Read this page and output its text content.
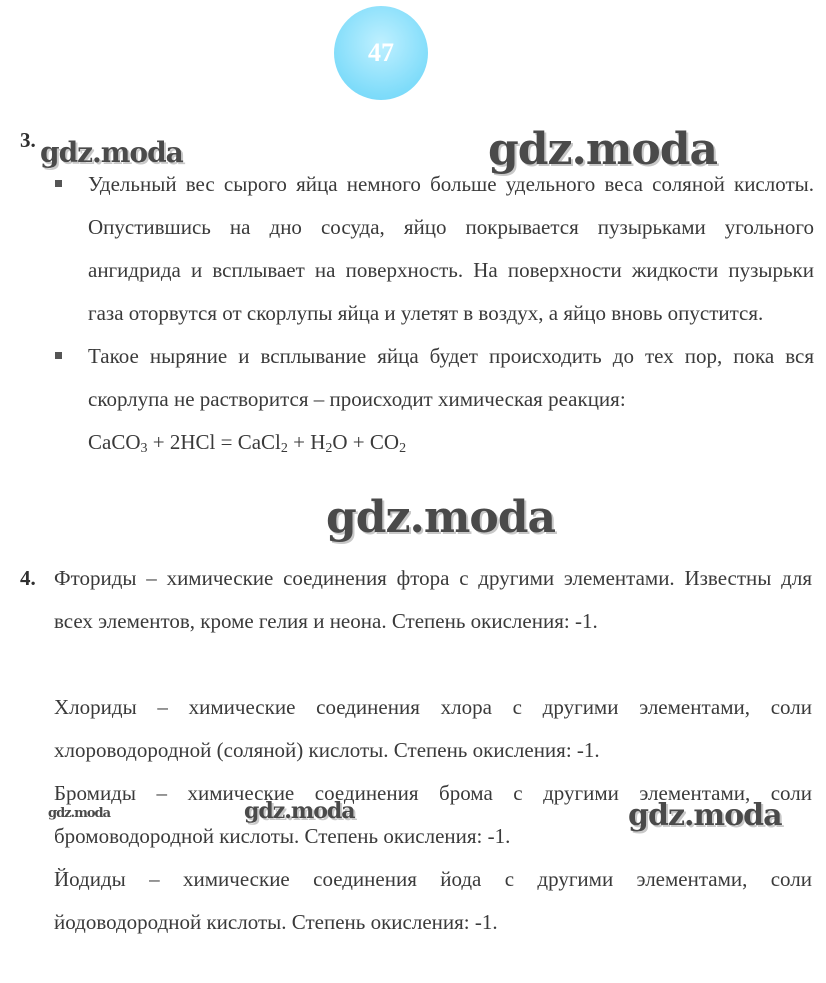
47
3.
Удельный вес сырого яйца немного больше удельного веса соляной кислоты. Опустившись на дно сосуда, яйцо покрывается пузырьками угольного ангидрида и всплывает на поверхность. На поверхности жидкости пузырьки газа оторвутся от скорлупы яйца и улетят в воздух, а яйцо вновь опустится.
Такое ныряние и всплывание яйца будет происходить до тех пор, пока вся скорлупа не растворится – происходит химическая реакция:
CaCO$_3$ + 2HCl = CaCl$_2$ + $H_2O + CO_2$
4. Фториды – химические соединения фтора с другими элементами. Известны для всех элементов, кроме гелия и неона. Степень окисления: -1.
Хлориды – химические соединения хлора с другими элементами, соли хлороводородной (соляной) кислоты. Степень окисления: -1.
Бромиды – химические соединения брома с другими элементами, соли бромоводородной кислоты. Степень окисления: -1.
Йодиды – химические соединения йода с другими элементами, соли йодоводородной кислоты. Степень окисления: -1.
gdz.moda	gdz.moda
gdz.moda
gdz.moda	gdz.moda	gdz.moda
